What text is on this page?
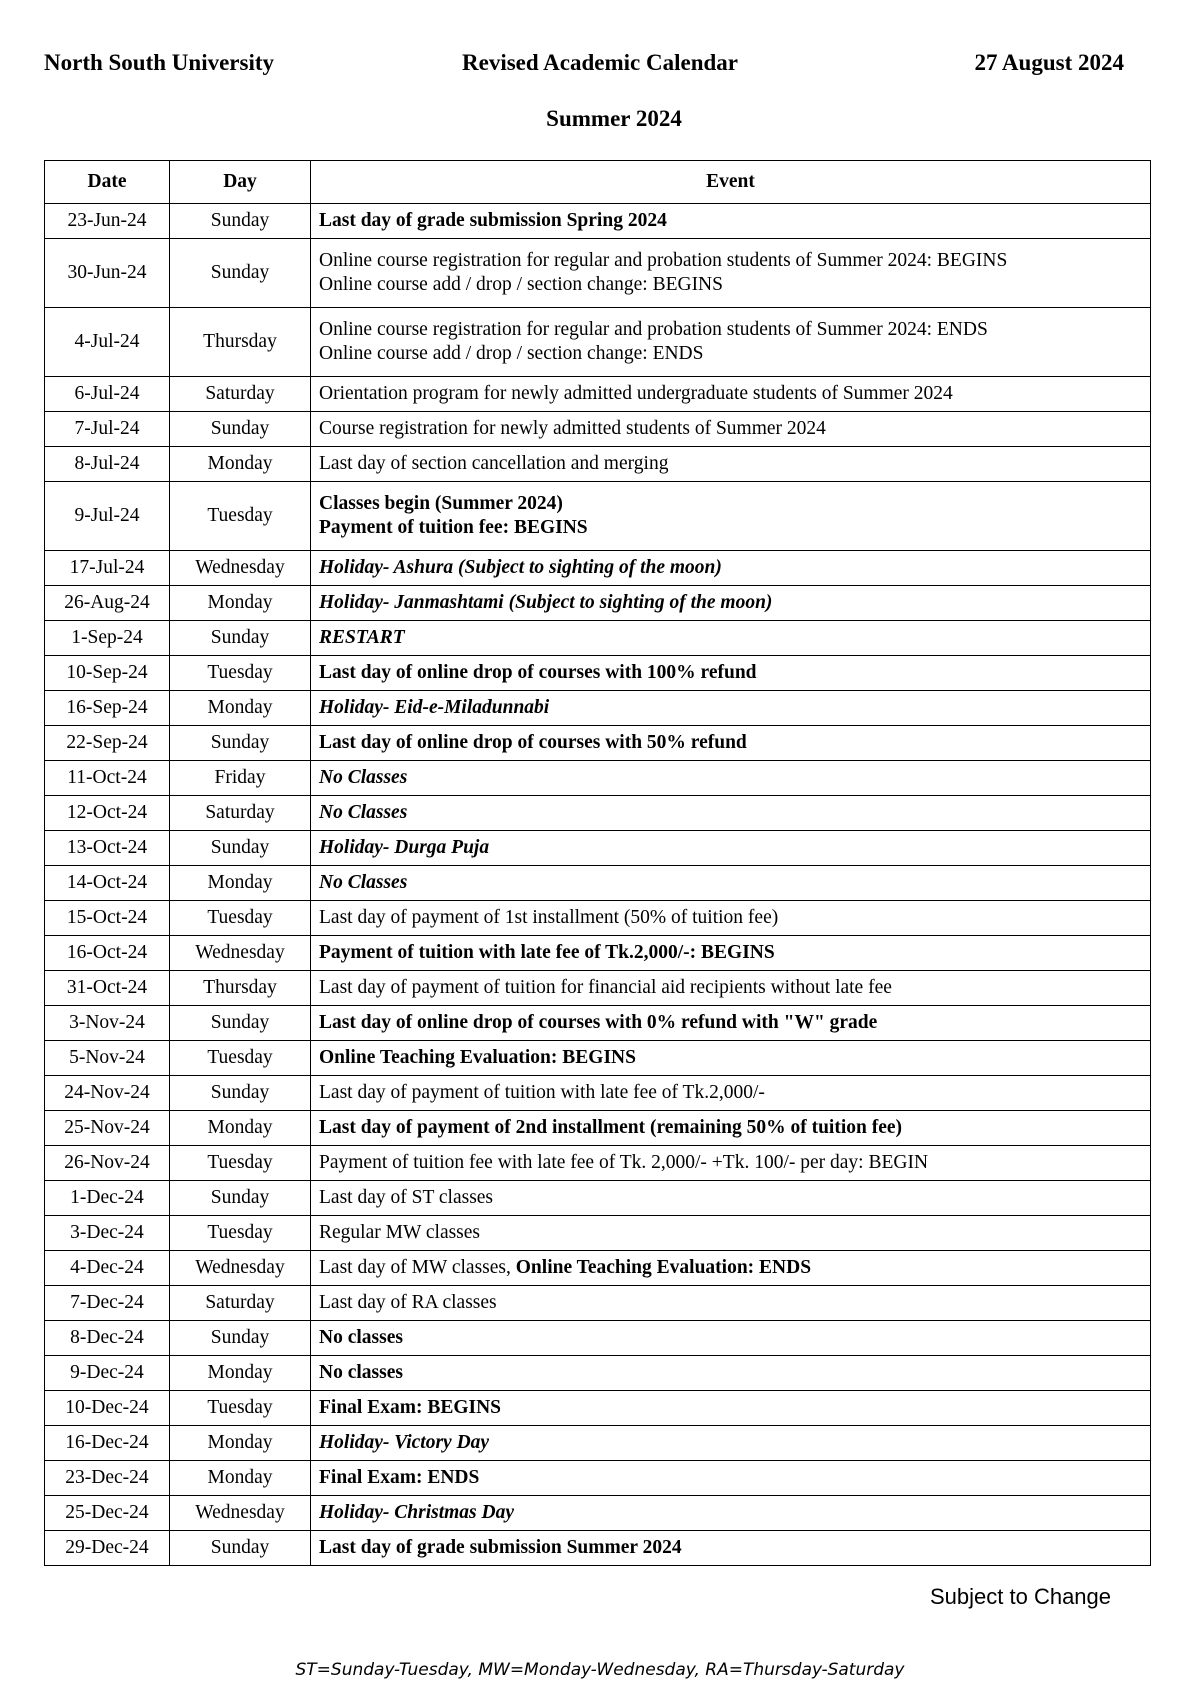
North South University	Revised Academic Calendar	27 August 2024
Summer 2024
Date	Day	Event
23-Jun-24	Sunday	Last day of grade submission Spring 2024

30-Jun-24	Sunday	Online course registration for regular and probation students of Summer 2024: BEGINS
Online course add / drop / section change: BEGINS

4-Jul-24	Thursday	Online course registration for regular and probation students of Summer 2024: ENDS
Online course add / drop / section change: ENDS

6-Jul-24	Saturday	Orientation program for newly admitted undergraduate students of Summer 2024

7-Jul-24	Sunday	Course registration for newly admitted students of Summer 2024

8-Jul-24	Monday	Last day of section cancellation and merging

9-Jul-24	Tuesday	Classes begin (Summer 2024)
Payment of tuition fee: BEGINS

17-Jul-24	Wednesday	Holiday- Ashura (Subject to sighting of the moon)

26-Aug-24	Monday	Holiday- Janmashtami (Subject to sighting of the moon)

1-Sep-24	Sunday	RESTART

10-Sep-24	Tuesday	Last day of online drop of courses with 100% refund

16-Sep-24	Monday	Holiday- Eid-e-Miladunnabi

22-Sep-24	Sunday	Last day of online drop of courses with 50% refund

11-Oct-24	Friday	No Classes

12-Oct-24	Saturday	No Classes

13-Oct-24	Sunday	Holiday- Durga Puja

14-Oct-24	Monday	No Classes

15-Oct-24	Tuesday	Last day of payment of 1st installment (50% of tuition fee)

16-Oct-24	Wednesday	Payment of tuition with late fee of Tk.2,000/-: BEGINS

31-Oct-24	Thursday	Last day of payment of tuition for financial aid recipients without late fee

3-Nov-24	Sunday	Last day of online drop of courses with 0% refund with "W" grade

5-Nov-24	Tuesday	Online Teaching Evaluation: BEGINS

24-Nov-24	Sunday	Last day of payment of tuition with late fee of Tk.2,000/-

25-Nov-24	Monday	Last day of payment of 2nd installment (remaining 50% of tuition fee)

26-Nov-24	Tuesday	Payment of tuition fee with late fee of Tk. 2,000/- +Tk. 100/- per day: BEGIN

1-Dec-24	Sunday	Last day of ST classes

3-Dec-24	Tuesday	Regular MW classes

4-Dec-24	Wednesday	Last day of MW classes, Online Teaching Evaluation: ENDS

7-Dec-24	Saturday	Last day of RA classes

8-Dec-24	Sunday	No classes

9-Dec-24	Monday	No classes

10-Dec-24	Tuesday	Final Exam: BEGINS

16-Dec-24	Monday	Holiday- Victory Day

23-Dec-24	Monday	Final Exam: ENDS

25-Dec-24	Wednesday	Holiday- Christmas Day

29-Dec-24	Sunday	Last day of grade submission Summer 2024
Subject to Change
ST=Sunday-Tuesday, MW=Monday-Wednesday, RA=Thursday-Saturday
